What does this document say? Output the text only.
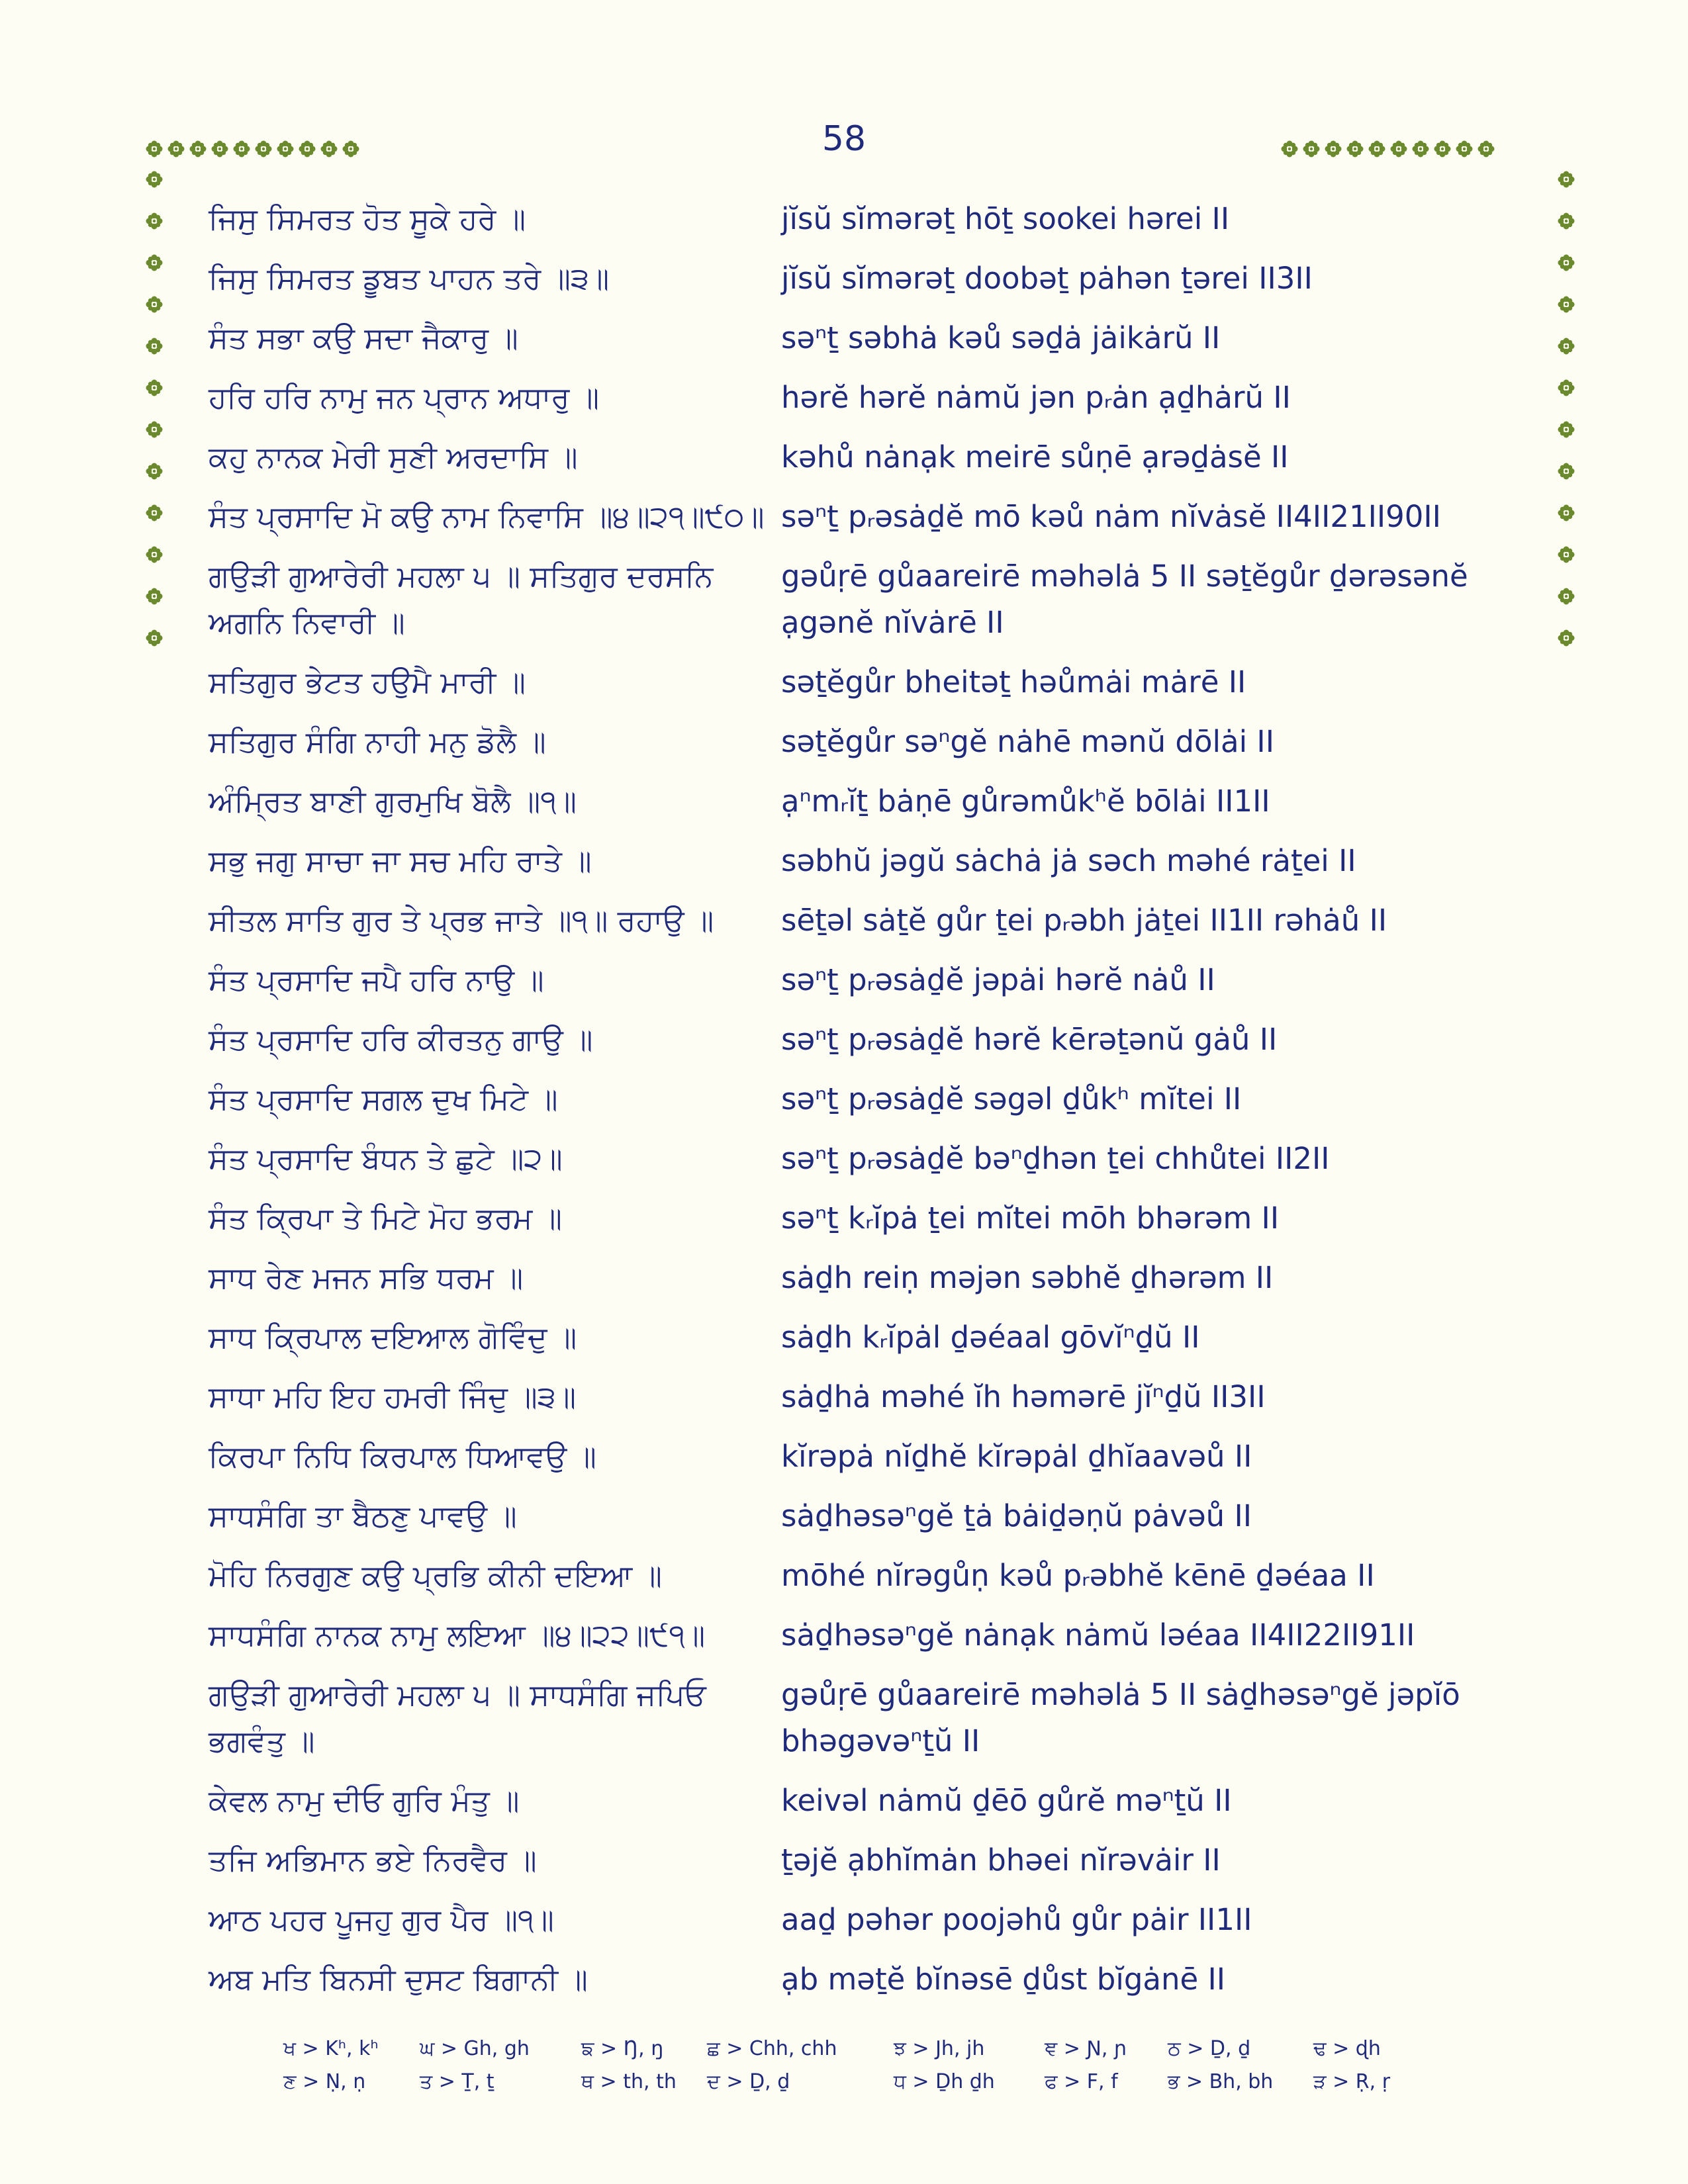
58
ਜਿਸੁ ਸਿਮਰਤ ਹੋਤ ਸੂਕੇ ਹਰੇ ॥	jĭsŭ sĭmərəṯ hōṯ sookei hərei II
ਜਿਸੁ ਸਿਮਰਤ ਡੂਬਤ ਪਾਹਨ ਤਰੇ ॥੩॥	jĭsŭ sĭmərəṯ doobəṯ pȧhən ṯərei II3II
ਸੰਤ ਸਭਾ ਕਉ ਸਦਾ ਜੈਕਾਰੁ ॥	səⁿṯ səbhȧ kəů səḏȧ jȧikȧrŭ II
ਹਰਿ ਹਰਿ ਨਾਮੁ ਜਨ ਪ੍ਰਾਨ ਅਧਾਰੁ ॥	hərĕ hərĕ nȧmŭ jən pᵣȧn ạḏhȧrŭ II
ਕਹੁ ਨਾਨਕ ਮੇਰੀ ਸੁਣੀ ਅਰਦਾਸਿ ॥	kəhů nȧnạk meirē sůṇē ạrəḏȧsĕ II
ਸੰਤ ਪ੍ਰਸਾਦਿ ਮੋ ਕਉ ਨਾਮ ਨਿਵਾਸਿ ॥੪॥੨੧॥੯੦॥ səⁿṯ pᵣəsȧḏĕ mō kəů nȧm nĭvȧsĕ II4II21II90II
ਗਉੜੀ ਗੁਆਰੇਰੀ ਮਹਲਾ ੫ ॥ ਸਤਿਗੁਰ ਦਰਸਨਿ	gəůṛē gůaareirē məhəlȧ 5 II səṯĕgůr ḏərəsənĕ
ਅਗਨਿ ਨਿਵਾਰੀ ॥	ạgənĕ nĭvȧrē II
ਸਤਿਗੁਰ ਭੇਟਤ ਹਉਮੈ ਮਾਰੀ ॥	səṯĕgůr bheitəṯ həůmȧi mȧrē II
ਸਤਿਗੁਰ ਸੰਗਿ ਨਾਹੀ ਮਨੁ ਡੋਲੈ ॥	səṯĕgůr səⁿgĕ nȧhē mənŭ dōlȧi II
ਅੰਮ੍ਰਿਤ ਬਾਣੀ ਗੁਰਮੁਖਿ ਬੋਲੈ ॥੧॥	ạⁿmᵣĭṯ bȧṇē gůrəmůkʰĕ bōlȧi II1II
ਸਭੁ ਜਗੁ ਸਾਚਾ ਜਾ ਸਚ ਮਹਿ ਰਾਤੇ ॥	səbhŭ jəgŭ sȧchȧ jȧ səch məhé rȧṯei II
ਸੀਤਲ ਸਾਤਿ ਗੁਰ ਤੇ ਪ੍ਰਭ ਜਾਤੇ ॥੧॥ ਰਹਾਉ ॥	sēṯəl sȧṯĕ gůr ṯei pᵣəbh jȧṯei II1II rəhȧů II
ਸੰਤ ਪ੍ਰਸਾਦਿ ਜਪੈ ਹਰਿ ਨਾਉ ॥	səⁿṯ pᵣəsȧḏĕ jəpȧi hərĕ nȧů II
ਸੰਤ ਪ੍ਰਸਾਦਿ ਹਰਿ ਕੀਰਤਨੁ ਗਾਉ ॥	səⁿṯ pᵣəsȧḏĕ hərĕ kērəṯənŭ gȧů II
ਸੰਤ ਪ੍ਰਸਾਦਿ ਸਗਲ ਦੁਖ ਮਿਟੇ ॥	səⁿṯ pᵣəsȧḏĕ səgəl ḏůkʰ mĭtei II
ਸੰਤ ਪ੍ਰਸਾਦਿ ਬੰਧਨ ਤੇ ਛੁਟੇ ॥੨॥	səⁿṯ pᵣəsȧḏĕ bəⁿḏhən ṯei chhůtei II2II
ਸੰਤ ਕ੍ਰਿਪਾ ਤੇ ਮਿਟੇ ਮੋਹ ਭਰਮ ॥	səⁿṯ kᵣĭpȧ ṯei mĭtei mōh bhərəm II
ਸਾਧ ਰੇਣ ਮਜਨ ਸਭਿ ਧਰਮ ॥	sȧḏh reiṇ məjən səbhĕ ḏhərəm II
ਸਾਧ ਕ੍ਰਿਪਾਲ ਦਇਆਲ ਗੋਵਿੰਦੁ ॥	sȧḏh kᵣĭpȧl ḏəéaal gōvĭⁿḏŭ II
ਸਾਧਾ ਮਹਿ ਇਹ ਹਮਰੀ ਜਿੰਦੁ ॥੩॥	sȧḏhȧ məhé ĭh həmərē jĭⁿḏŭ II3II
ਕਿਰਪਾ ਨਿਧਿ ਕਿਰਪਾਲ ਧਿਆਵਉ ॥	kĭrəpȧ nĭḏhĕ kĭrəpȧl ḏhĭaavəů II
ਸਾਧਸੰਗਿ ਤਾ ਬੈਠਣੁ ਪਾਵਉ ॥	sȧḏhəsəⁿgĕ ṯȧ bȧiḏəṇŭ pȧvəů II
ਮੋਹਿ ਨਿਰਗੁਣ ਕਉ ਪ੍ਰਭਿ ਕੀਨੀ ਦਇਆ ॥	mōhé nĭrəgůṇ kəů pᵣəbhĕ kēnē ḏəéaa II
ਸਾਧਸੰਗਿ ਨਾਨਕ ਨਾਮੁ ਲਇਆ ॥੪॥੨੨॥੯੧॥	sȧḏhəsəⁿgĕ nȧnạk nȧmŭ ləéaa II4II22II91II
ਗਉੜੀ ਗੁਆਰੇਰੀ ਮਹਲਾ ੫ ॥ ਸਾਧਸੰਗਿ ਜਪਿਓ	gəůṛē gůaareirē məhəlȧ 5 II sȧḏhəsəⁿgĕ jəpĭō
ਭਗਵੰਤੁ ॥	bhəgəvəⁿṯŭ II
ਕੇਵਲ ਨਾਮੁ ਦੀਓ ਗੁਰਿ ਮੰਤੁ ॥	keivəl nȧmŭ ḏēō gůrĕ məⁿṯŭ II
ਤਜਿ ਅਭਿਮਾਨ ਭਏ ਨਿਰਵੈਰ ॥	ṯəjĕ ạbhĭmȧn bhəei nĭrəvȧir II
ਆਠ ਪਹਰ ਪੂਜਹੁ ਗੁਰ ਪੈਰ ॥੧॥	aaḏ pəhər poojəhů gůr pȧir II1II
ਅਬ ਮਤਿ ਬਿਨਸੀ ਦੁਸਟ ਬਿਗਾਨੀ ॥	ạb məṯĕ bĭnəsē ḏůst bĭgȧnē II
ਖ > Kʰ, kʰ ਘ > Gh, gh	ਙ > Ŋ, ŋ ਛ > Chh, chh	ਝ > Jh, jh	ਞ > Ɲ, ɲ ਠ > Ḏ, ḏ	ਢ > ɖh
ਣ > Ṇ, ṇ	ਤ > Ṯ, ṯ	ਥ > th, th ਦ > Ḏ, ḏ	ਧ > Ḏh ḏh	ਫ > F, f	ਭ > Bh, bh ੜ > Ṛ, ṛ
